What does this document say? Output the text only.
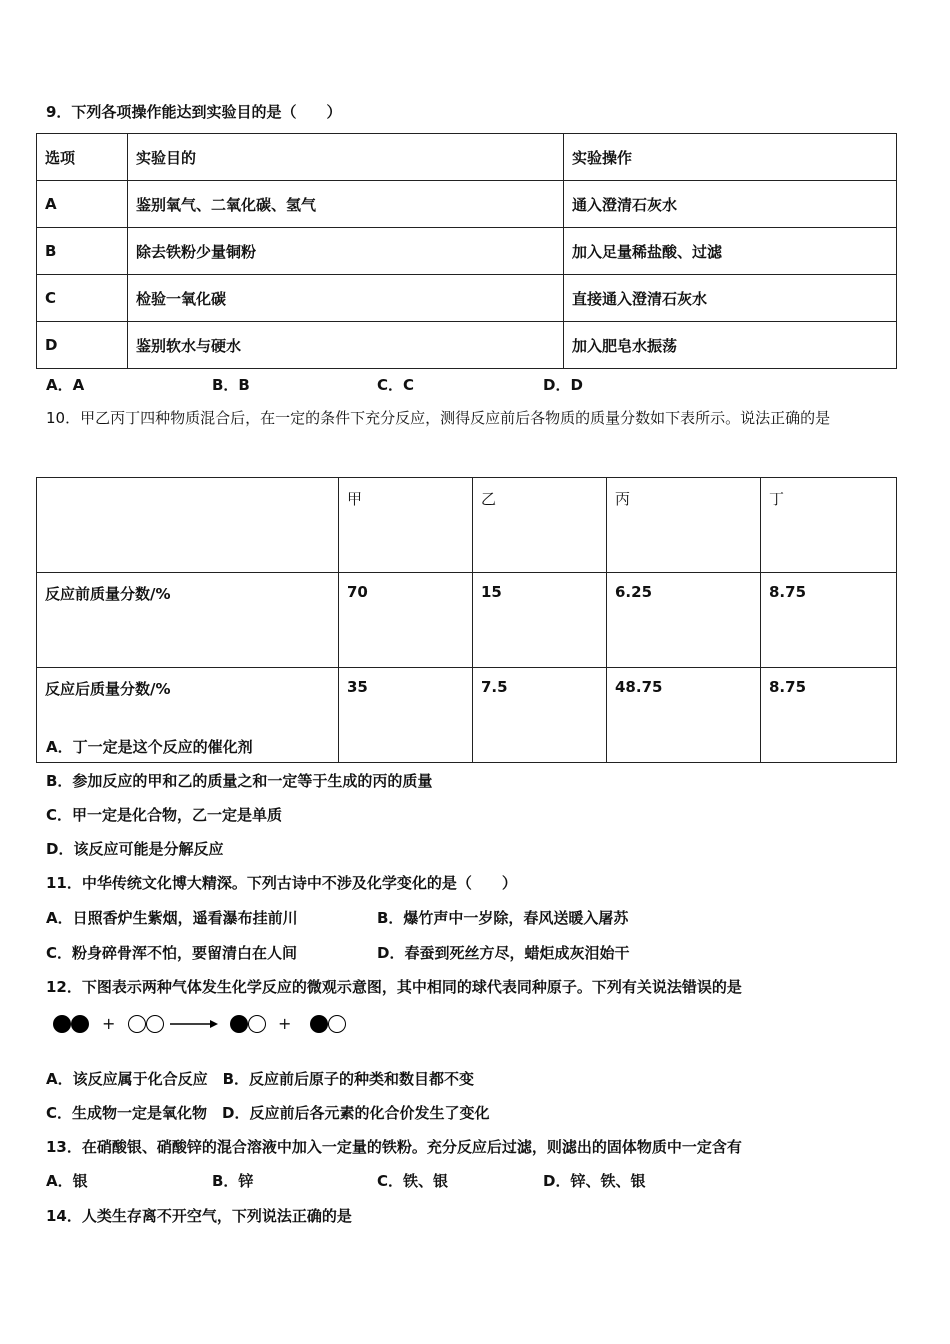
9．下列各项操作能达到实验目的是（　　）
选项	实验目的	实验操作
A	鉴别氧气、二氧化碳、氢气	通入澄清石灰水
B	除去铁粉少量铜粉	加入足量稀盐酸、过滤
C	检验一氧化碳	直接通入澄清石灰水
D	鉴别软水与硬水	加入肥皂水振荡
A．A	B．B	C．C	D．D
10．甲乙丙丁四种物质混合后，在一定的条件下充分反应，测得反应前后各物质的质量分数如下表所示。说法正确的是
	甲	乙	丙	丁
反应前质量分数/%	70	15	6.25	8.75
反应后质量分数/%	35	7.5	48.75	8.75
A．丁一定是这个反应的催化剂
B．参加反应的甲和乙的质量之和一定等于生成的丙的质量
C．甲一定是化合物，乙一定是单质
D．该反应可能是分解反应
11．中华传统文化博大精深。下列古诗中不涉及化学变化的是（　　）
A．日照香炉生紫烟，遥看瀑布挂前川	B．爆竹声中一岁除，春风送暖入屠苏
C．粉身碎骨浑不怕，要留清白在人间	D．春蚕到死丝方尽，蜡炬成灰泪始干
12．下图表示两种气体发生化学反应的微观示意图，其中相同的球代表同种原子。下列有关说法错误的是
+	+
A．该反应属于化合反应　B．反应前后原子的种类和数目都不变
C．生成物一定是氧化物　D．反应前后各元素的化合价发生了变化
13．在硝酸银、硝酸锌的混合溶液中加入一定量的铁粉。充分反应后过滤，则滤出的固体物质中一定含有
A．银	B．锌	C．铁、银	D．锌、铁、银
14．人类生存离不开空气，下列说法正确的是
